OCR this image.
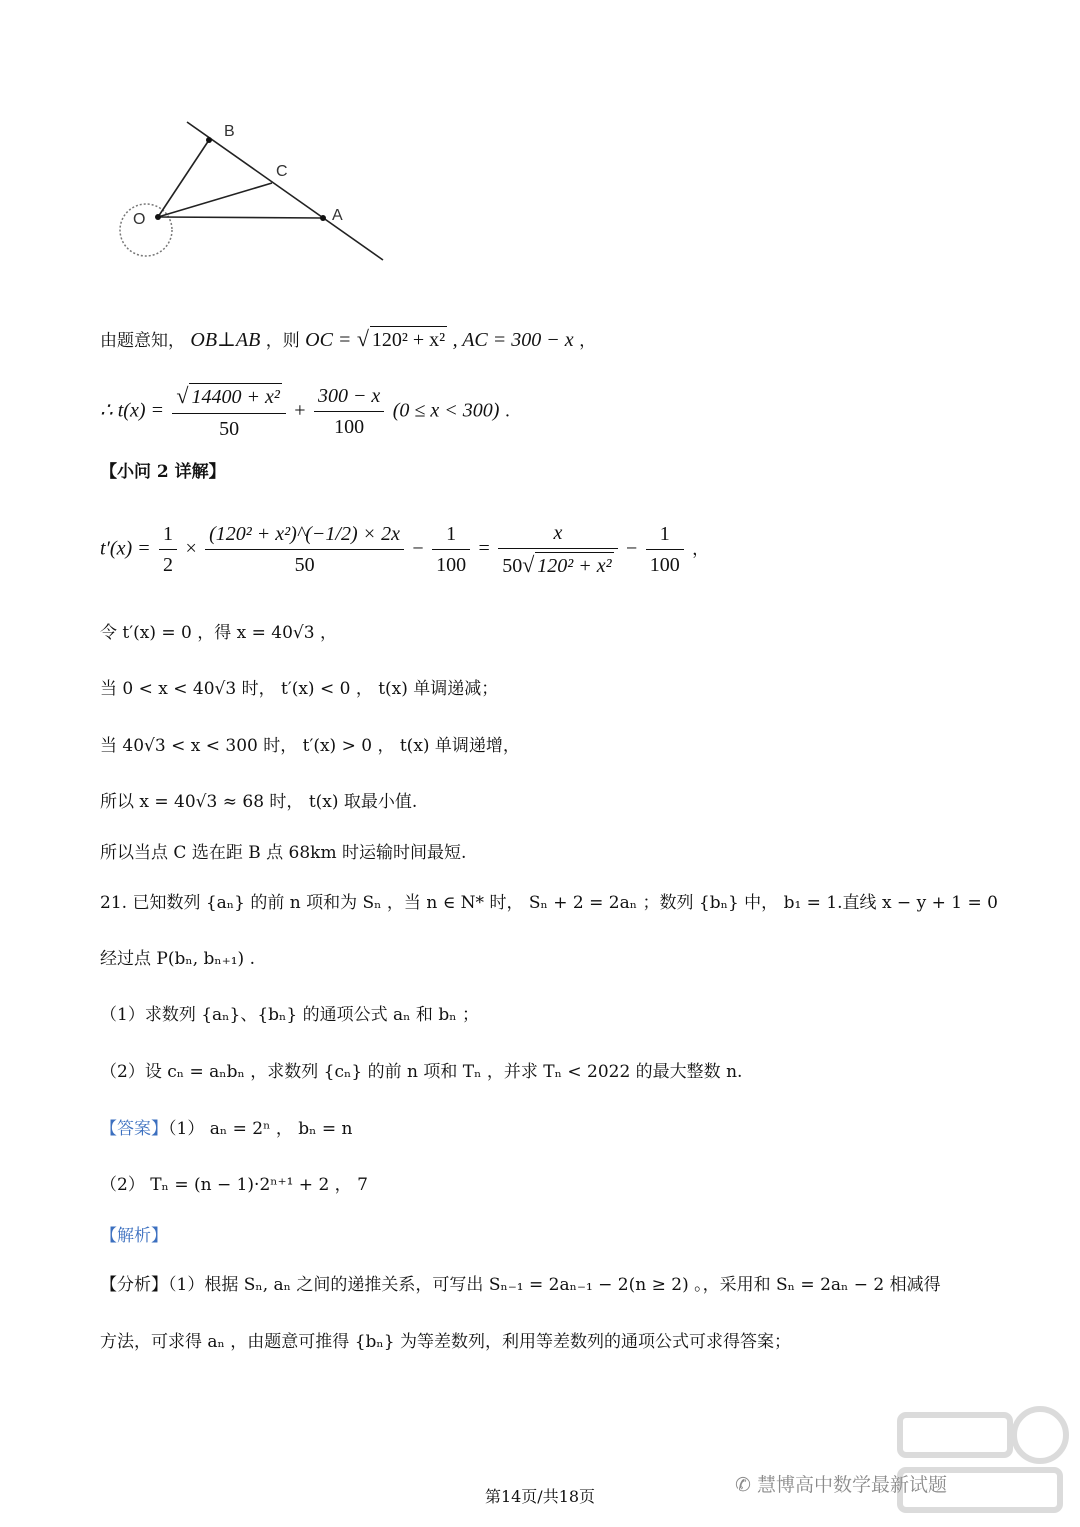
B
C
O	A
由题意知， OB⊥AB ，则 OC = √ 120² + x² , AC = 300 − x ，
∴ $t(x) = \frac{\text{√ 14400 + x²}}{50} + \frac{300 - x}{100} (0 \le x < 300)$ .
【小问 2 详解】
$t'(x) = \frac{1}{2} \times \frac{\text{(120² + x²)\textasciicircum{}(−1/2) × 2x}}{50} - \frac{1}{100} = \frac{x}{\text{50√ 120² + x²}} - \frac{1}{100}$ ，
令 t′(x) = 0 ，得 x = 40√3 ，
当 0 < x < 40√3 时， t′(x) < 0 ， t(x) 单调递减；
当 40√3 < x < 300 时， t′(x) > 0 ， t(x) 单调递增，
所以 x = 40√3 ≈ 68 时， t(x) 取最小值.
所以当点 C 选在距 B 点 68km 时运输时间最短.
21. 已知数列 {aₙ} 的前 n 项和为 Sₙ ，当 n ∈ N* 时， Sₙ + 2 = 2aₙ ；数列 {bₙ} 中， b₁ = 1.直线 x − y + 1 = 0
经过点 P(bₙ, bₙ₊₁) .
（1）求数列 {aₙ}、{bₙ} 的通项公式 aₙ 和 bₙ ；
（2）设 cₙ = aₙbₙ ，求数列 {cₙ} 的前 n 项和 Tₙ ，并求 Tₙ < 2022 的最大整数 n.
【答案】（1） aₙ = 2ⁿ ， bₙ = n
（2） Tₙ = (n − 1)·2ⁿ⁺¹ + 2 ， 7
【解析】
【分析】（1）根据 Sₙ, aₙ 之间的递推关系，可写出 Sₙ₋₁ = 2aₙ₋₁ − 2(n ≥ 2) 。，采用和 Sₙ = 2aₙ − 2 相减得
方法，可求得 aₙ ，由题意可推得 {bₙ} 为等差数列，利用等差数列的通项公式可求得答案；
✆ 慧博高中数学最新试题
第14页/共18页
